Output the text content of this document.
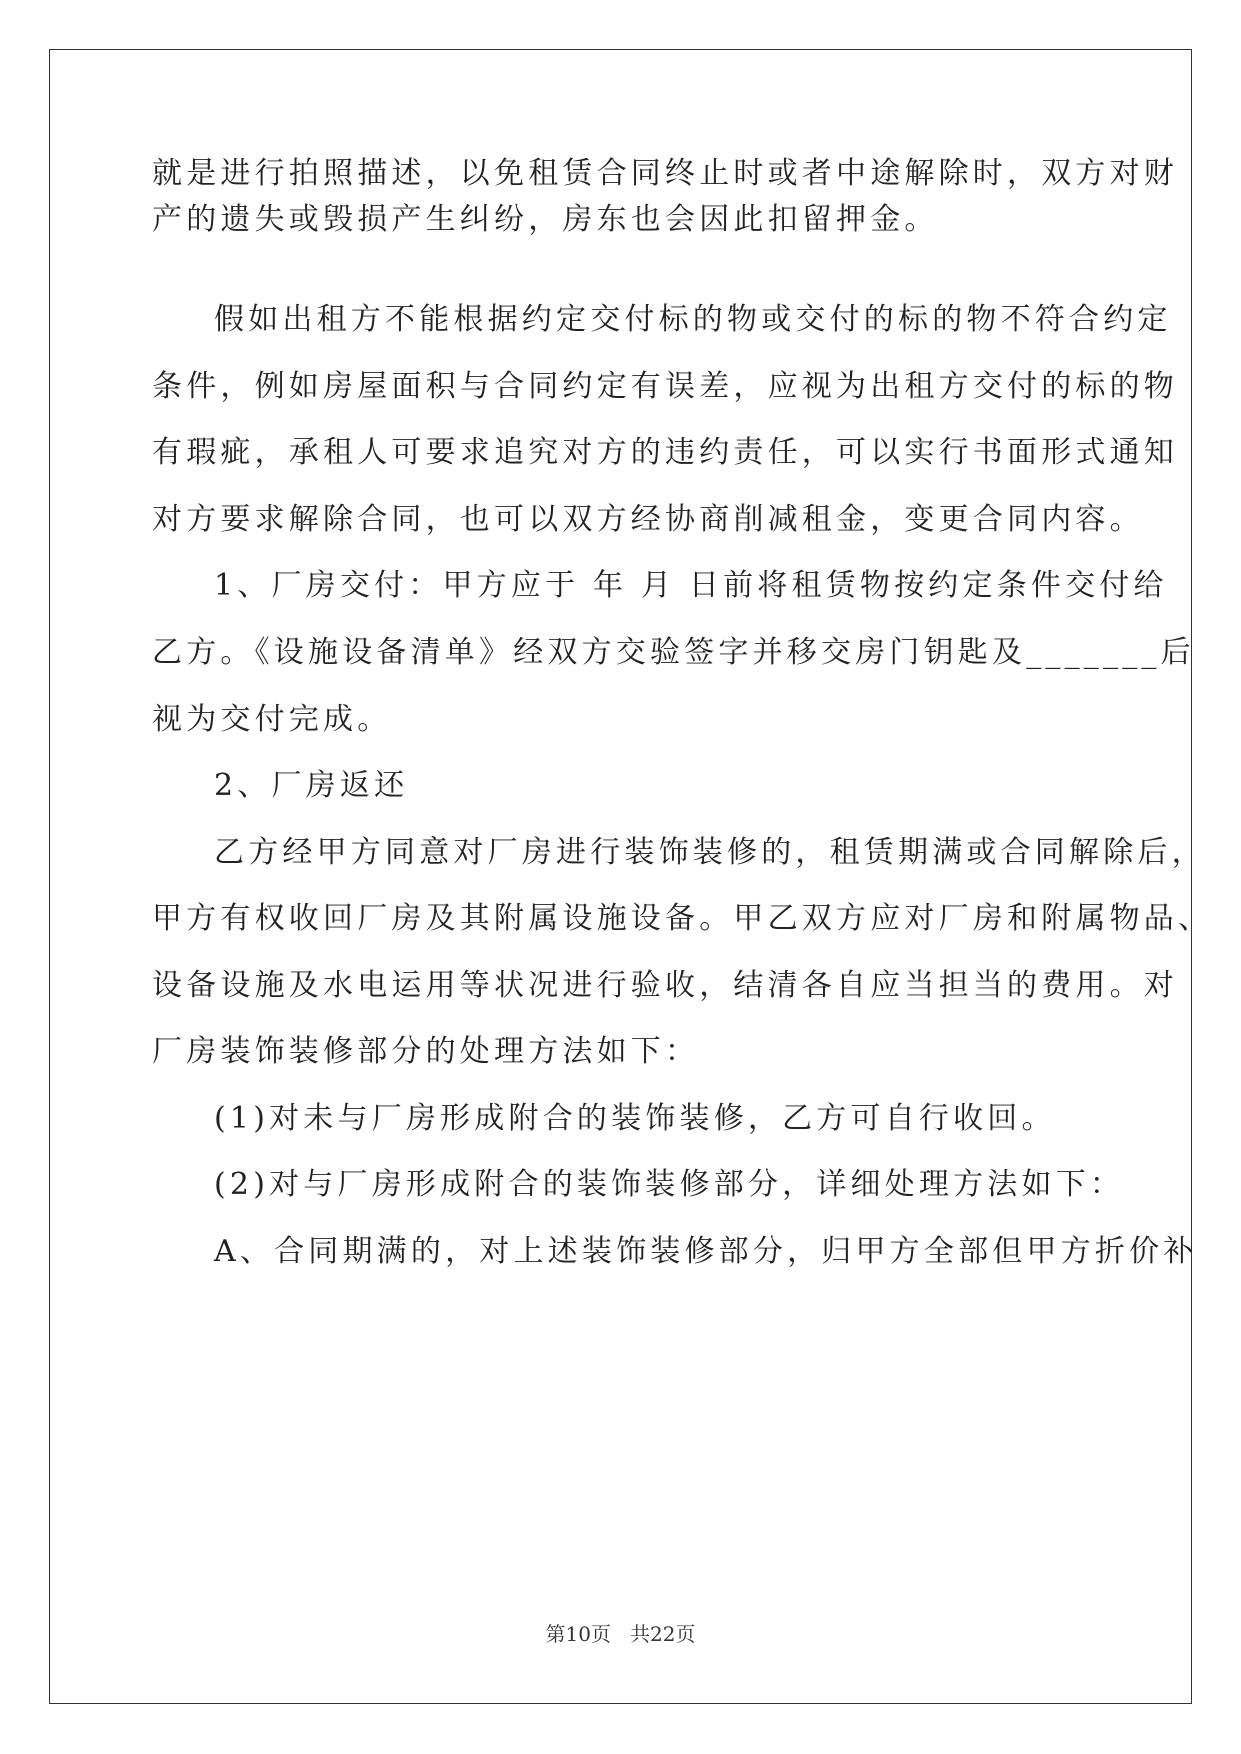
就是进行拍照描述，以免租赁合同终止时或者中途解除时，双方对财
产的遗失或毁损产生纠纷，房东也会因此扣留押金。
假如出租方不能根据约定交付标的物或交付的标的物不符合约定
条件，例如房屋面积与合同约定有误差，应视为出租方交付的标的物
有瑕疵，承租人可要求追究对方的违约责任，可以实行书面形式通知
对方要求解除合同，也可以双方经协商削减租金，变更合同内容。
1、厂房交付：甲方应于 年 月 日前将租赁物按约定条件交付给
乙方。《设施设备清单》经双方交验签字并移交房门钥匙及_______后
视为交付完成。
2、厂房返还
乙方经甲方同意对厂房进行装饰装修的，租赁期满或合同解除后，
甲方有权收回厂房及其附属设施设备。甲乙双方应对厂房和附属物品、
设备设施及水电运用等状况进行验收，结清各自应当担当的费用。对
厂房装饰装修部分的处理方法如下：
(1)对未与厂房形成附合的装饰装修，乙方可自行收回。
(2)对与厂房形成附合的装饰装修部分，详细处理方法如下：
A、合同期满的，对上述装饰装修部分，归甲方全部但甲方折价补
第10页   共22页
